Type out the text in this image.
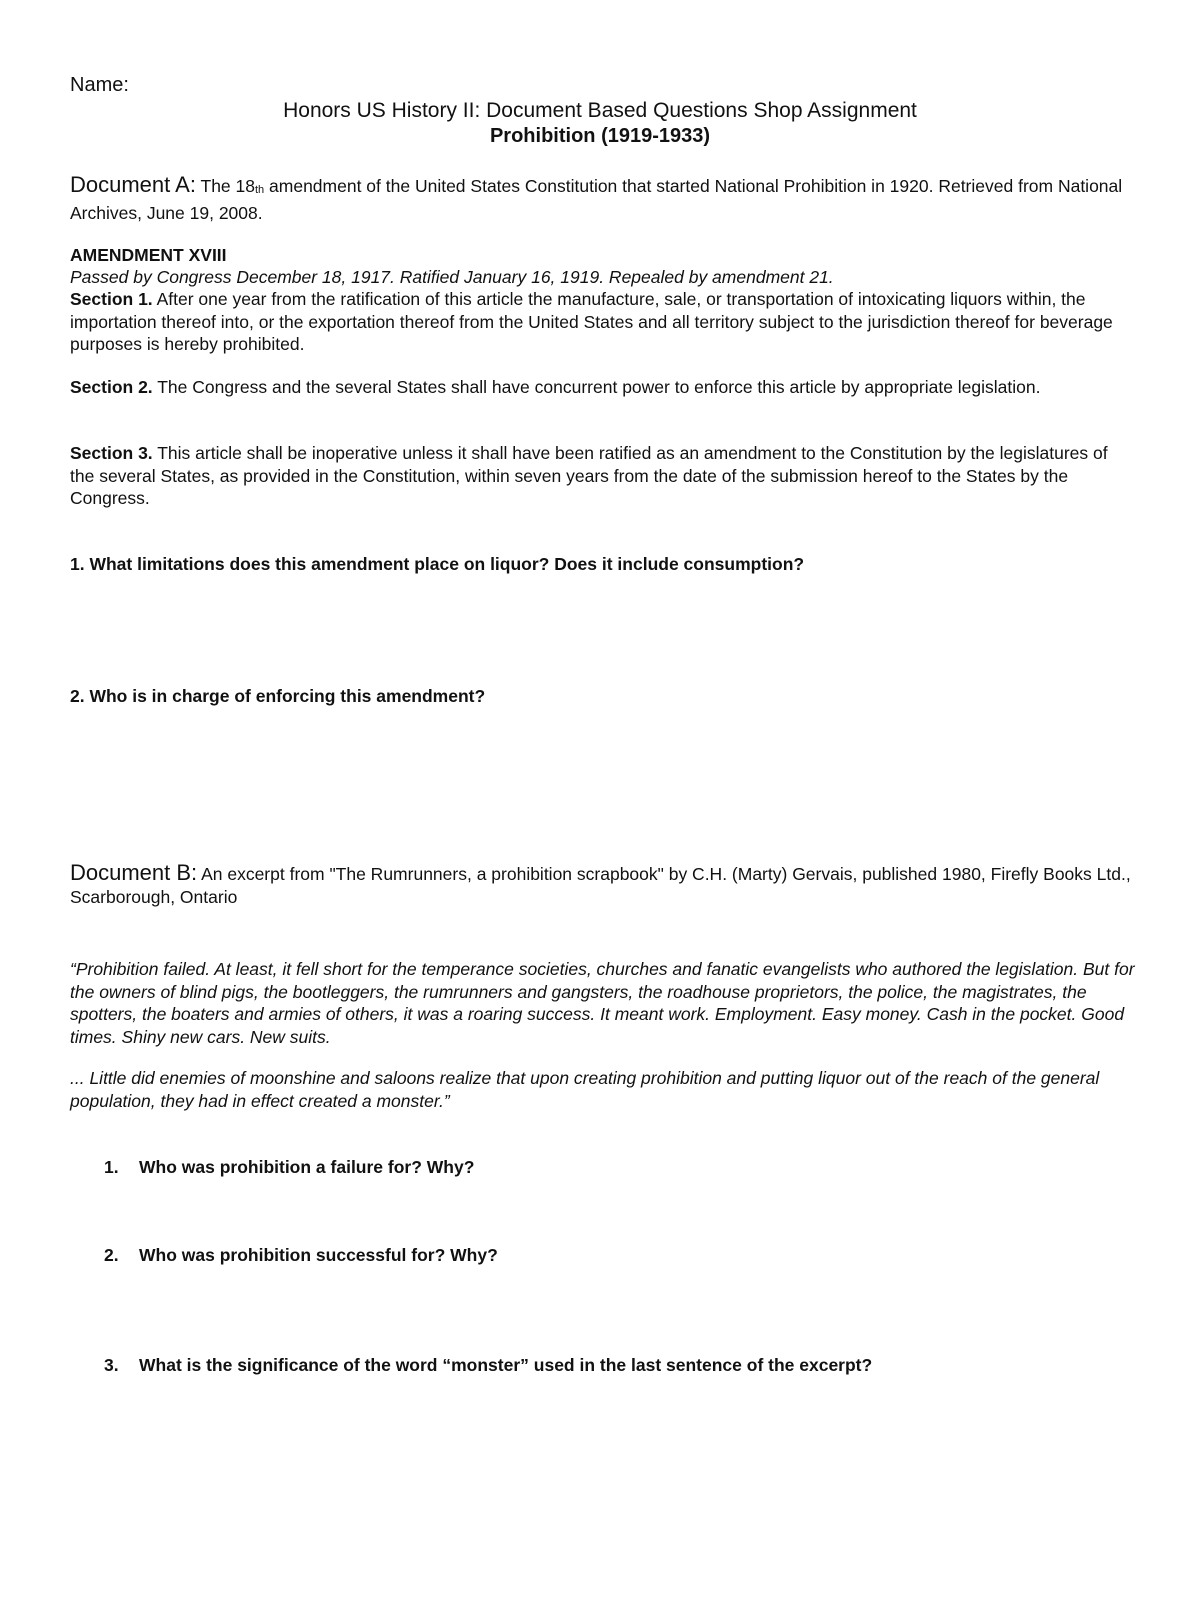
Name:
Honors US History II: Document Based Questions Shop Assignment
Prohibition (1919-1933)
Document A: The 18th amendment of the United States Constitution that started National Prohibition in 1920. Retrieved from National Archives, June 19, 2008.
AMENDMENT XVIII
Passed by Congress December 18, 1917. Ratified January 16, 1919. Repealed by amendment 21.
Section 1. After one year from the ratification of this article the manufacture, sale, or transportation of intoxicating liquors within, the importation thereof into, or the exportation thereof from the United States and all territory subject to the jurisdiction thereof for beverage purposes is hereby prohibited.
Section 2. The Congress and the several States shall have concurrent power to enforce this article by appropriate legislation.
Section 3. This article shall be inoperative unless it shall have been ratified as an amendment to the Constitution by the legislatures of the several States, as provided in the Constitution, within seven years from the date of the submission hereof to the States by the Congress.
1. What limitations does this amendment place on liquor? Does it include consumption?
2. Who is in charge of enforcing this amendment?
Document B: An excerpt from "The Rumrunners, a prohibition scrapbook" by C.H. (Marty) Gervais, published 1980, Firefly Books Ltd., Scarborough, Ontario
“Prohibition failed. At least, it fell short for the temperance societies, churches and fanatic evangelists who authored the legislation. But for the owners of blind pigs, the bootleggers, the rumrunners and gangsters, the roadhouse proprietors, the police, the magistrates, the spotters, the boaters and armies of others, it was a roaring success. It meant work. Employment. Easy money. Cash in the pocket. Good times. Shiny new cars. New suits.
... Little did enemies of moonshine and saloons realize that upon creating prohibition and putting liquor out of the reach of the general population, they had in effect created a monster.”
1. Who was prohibition a failure for? Why?
2. Who was prohibition successful for? Why?
3. What is the significance of the word “monster” used in the last sentence of the excerpt?
